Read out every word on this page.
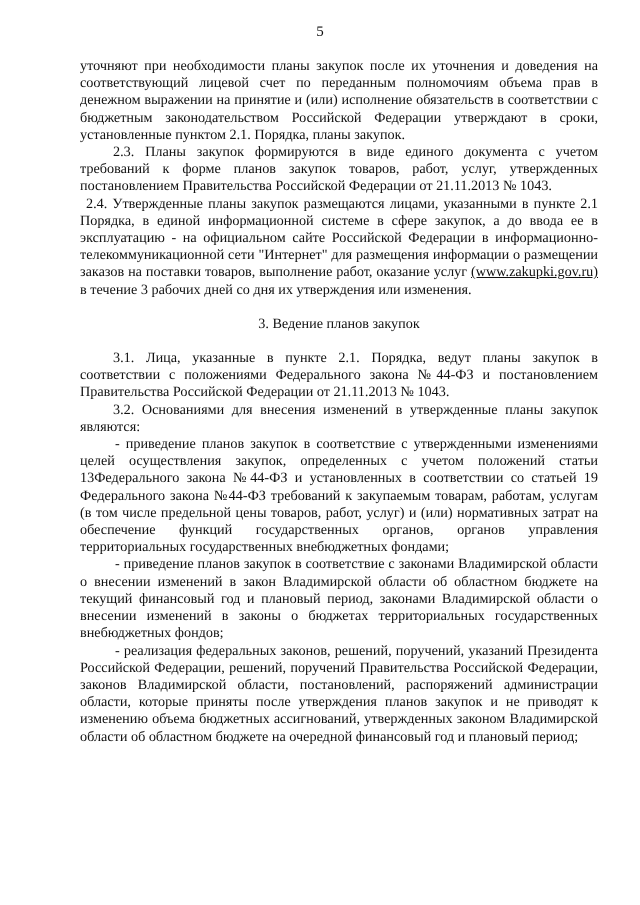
5

уточняют при необходимости планы закупок после их уточнения и доведения на соответствующий лицевой счет по переданным полномочиям объема прав в денежном выражении на принятие и (или) исполнение обязательств в соответствии с бюджетным законодательством Российской Федерации утверждают в сроки, установленные пунктом 2.1. Порядка, планы закупок.

2.3. Планы закупок формируются в виде единого документа с учетом требований к форме планов закупок товаров, работ, услуг, утвержденных постановлением Правительства Российской Федерации от 21.11.2013 № 1043.

2.4. Утвержденные планы закупок размещаются лицами, указанными в пункте 2.1 Порядка, в единой информационной системе в сфере закупок, а до ввода ее в эксплуатацию - на официальном сайте Российской Федерации в информационно-телекоммуникационной сети "Интернет" для размещения информации о размещении заказов на поставки товаров, выполнение работ, оказание услуг (www.zakupki.gov.ru) в течение 3 рабочих дней со дня их утверждения или изменения.

3. Ведение планов закупок

3.1. Лица, указанные в пункте 2.1. Порядка, ведут планы закупок в соответствии с положениями Федерального закона №44-ФЗ и постановлением Правительства Российской Федерации от 21.11.2013 № 1043.

3.2. Основаниями для внесения изменений в утвержденные планы закупок являются:

- приведение планов закупок в соответствие с утвержденными изменениями целей осуществления закупок, определенных с учетом положений статьи 13Федерального закона №44-ФЗ и установленных в соответствии со статьей 19 Федерального закона №44-ФЗ требований к закупаемым товарам, работам, услугам (в том числе предельной цены товаров, работ, услуг) и (или) нормативных затрат на обеспечение функций государственных органов, органов управления территориальных государственных внебюджетных фондами;

- приведение планов закупок в соответствие с законами Владимирской области о внесении изменений в закон Владимирской области об областном бюджете на текущий финансовый год и плановый период, законами Владимирской области о внесении изменений в законы о бюджетах территориальных государственных внебюджетных фондов;

- реализация федеральных законов, решений, поручений, указаний Президента Российской Федерации, решений, поручений Правительства Российской Федерации, законов Владимирской области, постановлений, распоряжений администрации области, которые приняты после утверждения планов закупок и не приводят к изменению объема бюджетных ассигнований, утвержденных законом Владимирской области об областном бюджете на очередной финансовый год и плановый период;
